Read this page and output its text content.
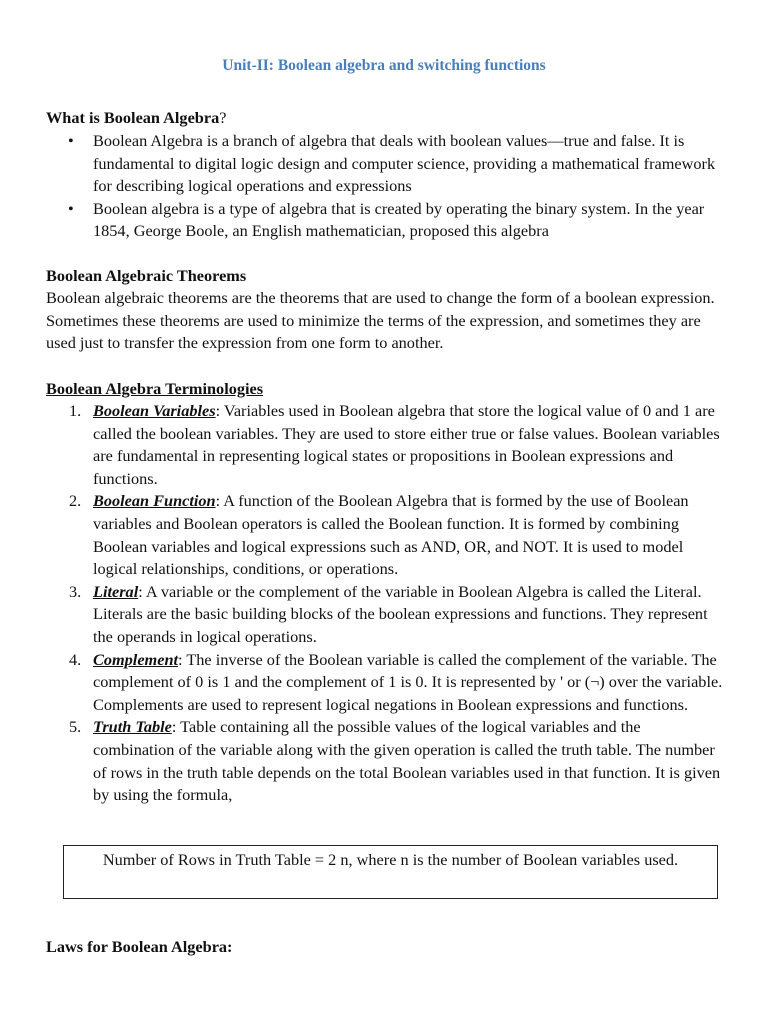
Unit-II: Boolean algebra and switching functions
What is Boolean Algebra?
• Boolean Algebra is a branch of algebra that deals with boolean values—true and false. It is fundamental to digital logic design and computer science, providing a mathematical framework for describing logical operations and expressions
• Boolean algebra is a type of algebra that is created by operating the binary system. In the year 1854, George Boole, an English mathematician, proposed this algebra
Boolean Algebraic Theorems

Boolean algebraic theorems are the theorems that are used to change the form of a boolean expression. Sometimes these theorems are used to minimize the terms of the expression, and sometimes they are used just to transfer the expression from one form to another.

Boolean Algebra Terminologies
1. Boolean Variables: Variables used in Boolean algebra that store the logical value of 0 and 1 are called the boolean variables. They are used to store either true or false values. Boolean variables are fundamental in representing logical states or propositions in Boolean expressions and functions.
2. Boolean Function: A function of the Boolean Algebra that is formed by the use of Boolean variables and Boolean operators is called the Boolean function. It is formed by combining Boolean variables and logical expressions such as AND, OR, and NOT. It is used to model logical relationships, conditions, or operations.
3. Literal: A variable or the complement of the variable in Boolean Algebra is called the Literal. Literals are the basic building blocks of the boolean expressions and functions. They represent the operands in logical operations.
4. Complement: The inverse of the Boolean variable is called the complement of the variable. The complement of 0 is 1 and the complement of 1 is 0. It is represented by ' or (¬) over the variable. Complements are used to represent logical negations in Boolean expressions and functions.
5. Truth Table: Table containing all the possible values of the logical variables and the combination of the variable along with the given operation is called the truth table. The number of rows in the truth table depends on the total Boolean variables used in that function. It is given by using the formula,
Number of Rows in Truth Table = 2 n, where n is the number of Boolean variables used.
Laws for Boolean Algebra:
